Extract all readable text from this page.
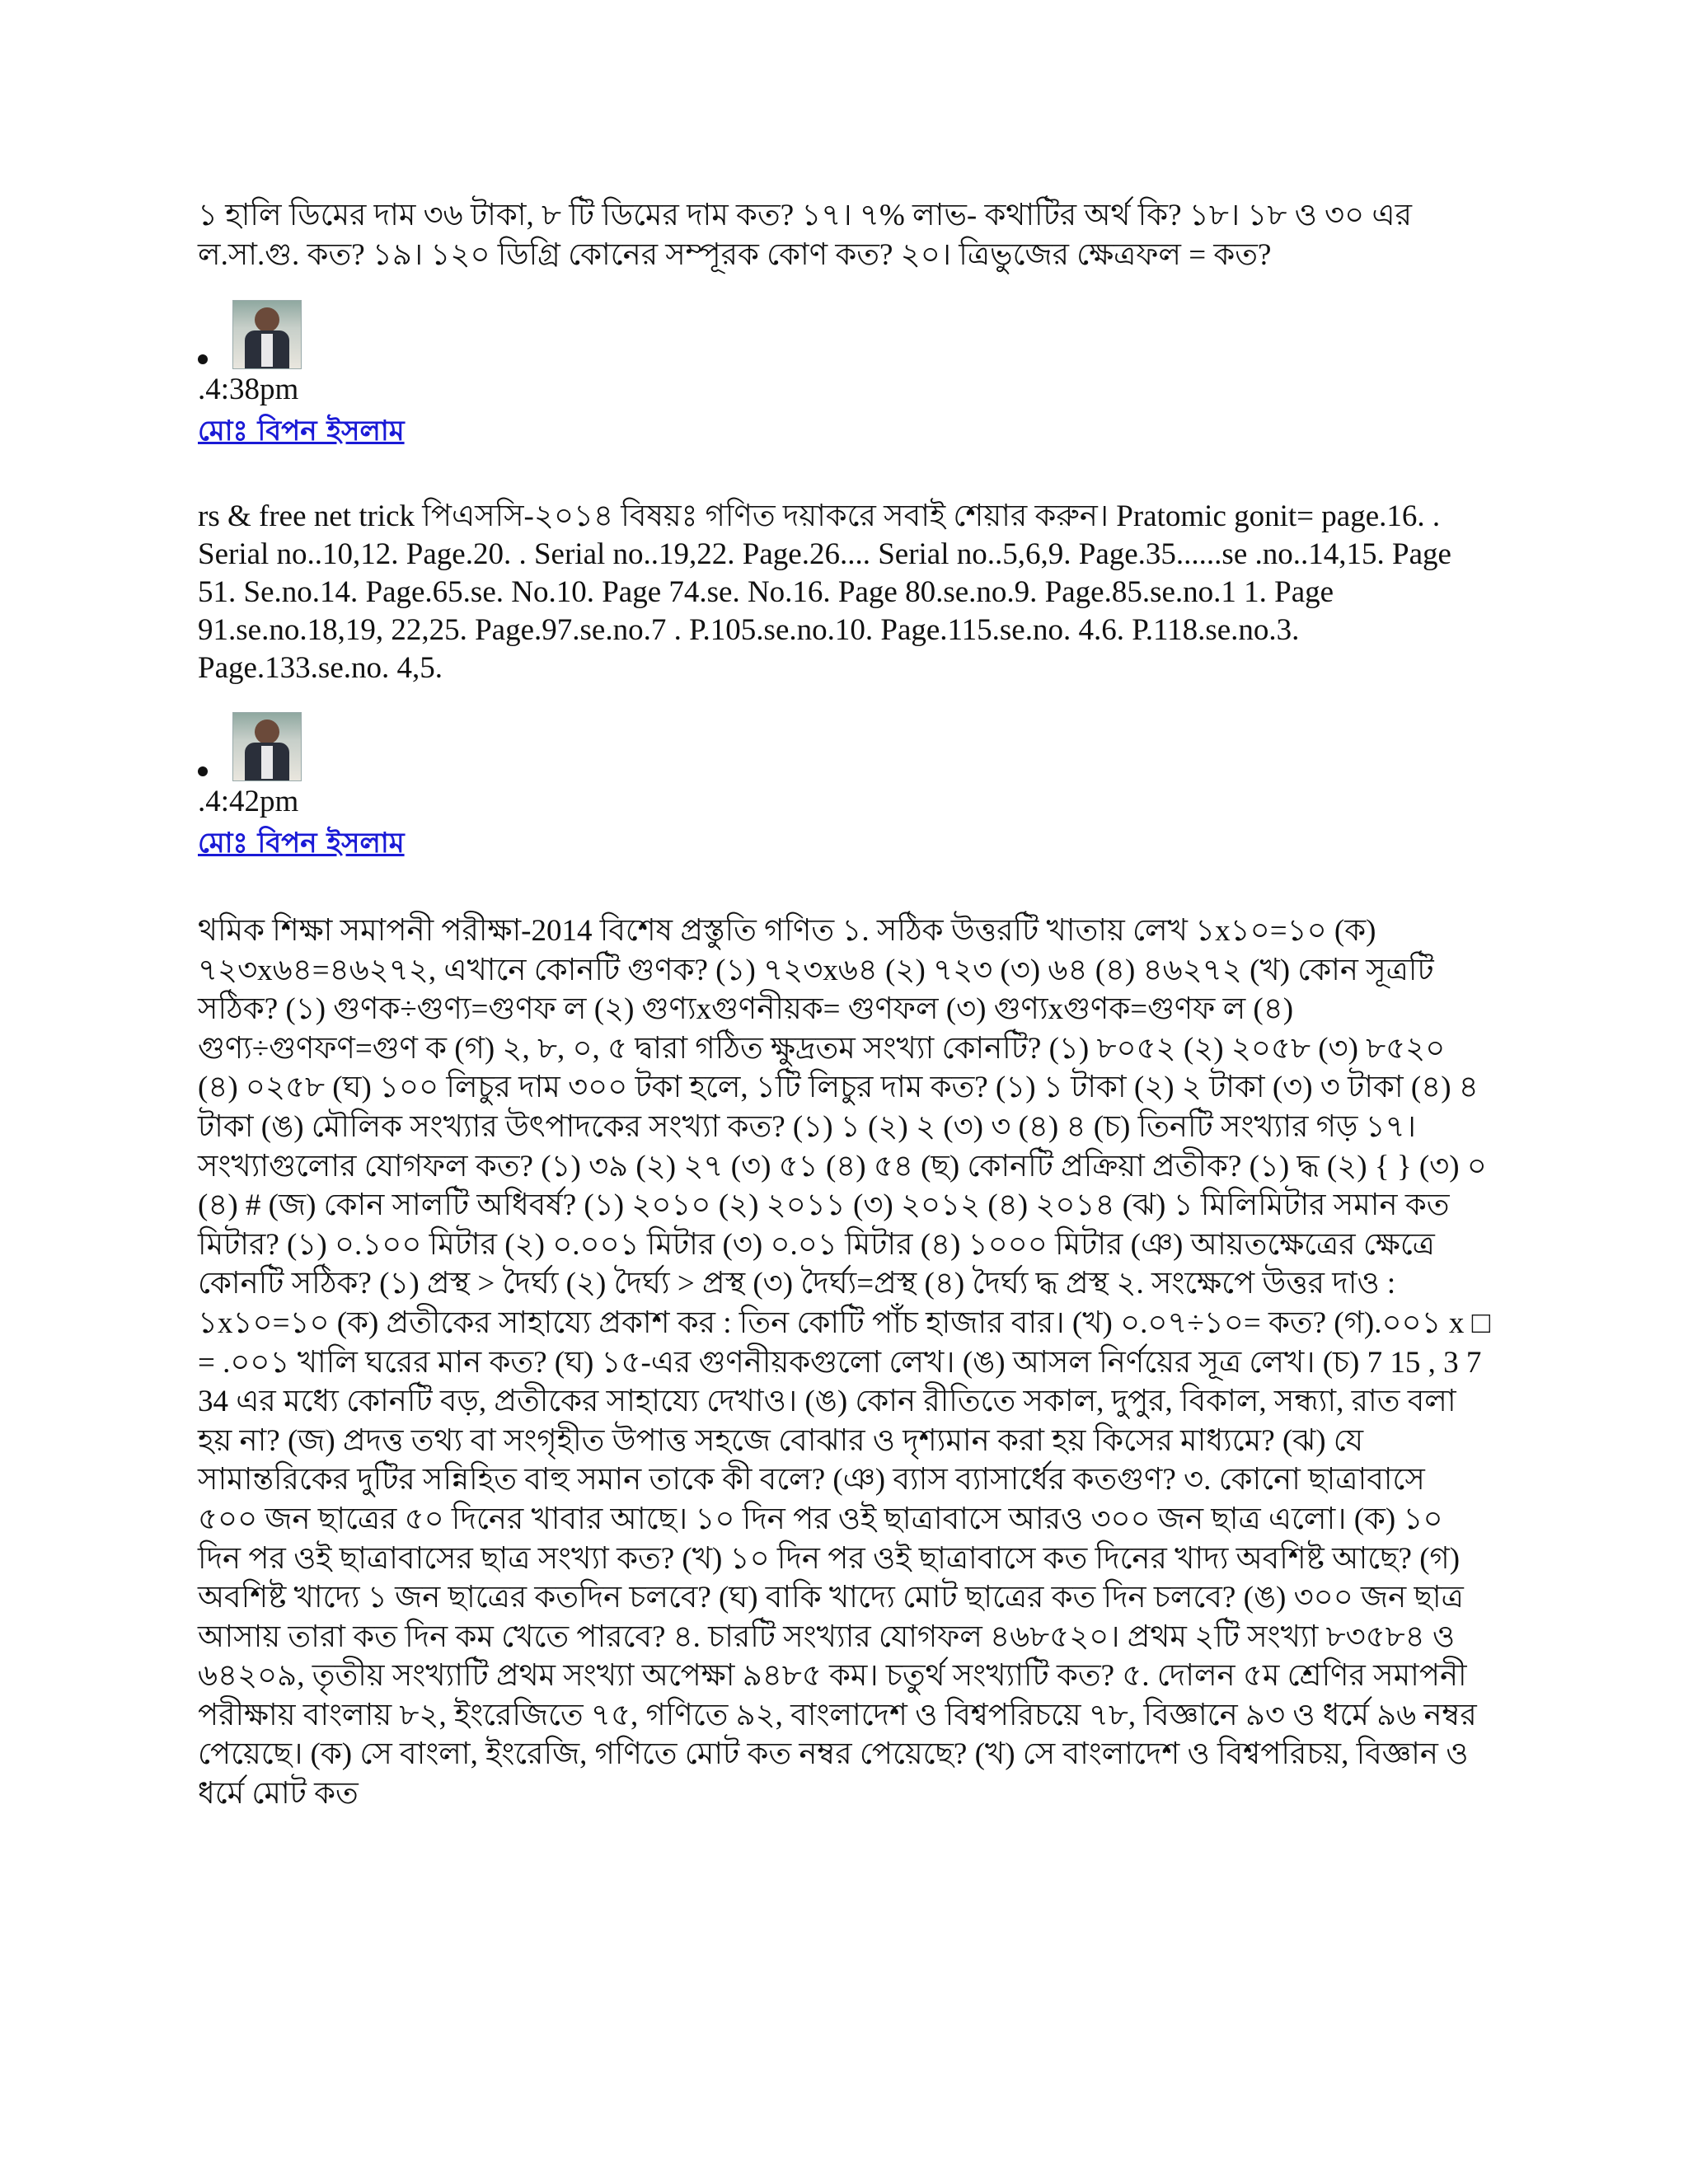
১ হালি ডিমের দাম ৩৬ টাকা, ৮ টি ডিমের দাম কত? ১৭। ৭% লাভ- কথাটির অর্থ কি? ১৮। ১৮ ও ৩০ এর ল.সা.গু. কত? ১৯। ১২০ ডিগ্রি কোনের সম্পূরক কোণ কত? ২০। ত্রিভুজের ক্ষেত্রফল = কত?

.4:38pm
মোঃ বিপন ইসলাম

rs & free net trick পিএসসি-২০১৪ বিষয়ঃ গণিত দয়াকরে সবাই শেয়ার করুন। Pratomic gonit= page.16. . Serial no..10,12. Page.20. . Serial no..19,22. Page.26.... Serial no..5,6,9. Page.35......se .no..14,15. Page 51. Se.no.14. Page.65.se. No.10. Page 74.se. No.16. Page 80.se.no.9. Page.85.se.no.1 1. Page 91.se.no.18,19, 22,25. Page.97.se.no.7 . P.105.se.no.10. Page.115.se.no. 4.6. P.118.se.no.3. Page.133.se.no. 4,5.

.4:42pm
মোঃ বিপন ইসলাম

থমিক শিক্ষা সমাপনী পরীক্ষা-2014 বিশেষ প্রস্তুতি গণিত ১. সঠিক উত্তরটি খাতায় লেখ ১x১০=১০ (ক) ৭২৩x৬৪=৪৬২৭২, এখানে কোনটি গুণক? (১) ৭২৩x৬৪ (২) ৭২৩ (৩) ৬৪ (৪) ৪৬২৭২ (খ) কোন সূত্রটি সঠিক? (১) গুণক÷গুণ্য=গুণফ ল (২) গুণ্যxগুণনীয়ক= গুণফল (৩) গুণ্যxগুণক=গুণফ ল (৪) গুণ্য÷গুণফণ=গুণ ক (গ) ২, ৮, ০, ৫ দ্বারা গঠিত ক্ষুদ্রতম সংখ্যা কোনটি? (১) ৮০৫২ (২) ২০৫৮ (৩) ৮৫২০ (৪) ০২৫৮ (ঘ) ১০০ লিচুর দাম ৩০০ টকা হলে, ১টি লিচুর দাম কত? (১) ১ টাকা (২) ২ টাকা (৩) ৩ টাকা (৪) ৪ টাকা (ঙ) মৌলিক সংখ্যার উৎপাদকের সংখ্যা কত? (১) ১ (২) ২ (৩) ৩ (৪) ৪ (চ) তিনটি সংখ্যার গড় ১৭। সংখ্যাগুলোর যোগফল কত? (১) ৩৯ (২) ২৭ (৩) ৫১ (৪) ৫৪ (ছ) কোনটি প্রক্রিয়া প্রতীক? (১) দ্ধ (২) { } (৩) ০ (৪) # (জ) কোন সালটি অধিবর্ষ? (১) ২০১০ (২) ২০১১ (৩) ২০১২ (৪) ২০১৪ (ঝ) ১ মিলিমিটার সমান কত মিটার? (১) ০.১০০ মিটার (২) ০.০০১ মিটার (৩) ০.০১ মিটার (৪) ১০০০ মিটার (ঞ) আয়তক্ষেত্রের ক্ষেত্রে কোনটি সঠিক? (১) প্রস্থ > দৈর্ঘ্য (২) দৈর্ঘ্য > প্রস্থ (৩) দৈর্ঘ্য=প্রস্থ (৪) দৈর্ঘ্য দ্ধ প্রস্থ ২. সংক্ষেপে উত্তর দাও : ১x১০=১০ (ক) প্রতীকের সাহায্যে প্রকাশ কর : তিন কোটি পাঁচ হাজার বার। (খ) ০.০৭÷১০= কত? (গ).০০১ x □ = .০০১ খালি ঘরের মান কত? (ঘ) ১৫-এর গুণনীয়কগুলো লেখ। (ঙ) আসল নির্ণয়ের সূত্র লেখ। (চ) 7 15 , 3 7 34 এর মধ্যে কোনটি বড়, প্রতীকের সাহায্যে দেখাও। (ঙ) কোন রীতিতে সকাল, দুপুর, বিকাল, সন্ধ্যা, রাত বলা হয় না? (জ) প্রদত্ত তথ্য বা সংগৃহীত উপাত্ত সহজে বোঝার ও দৃশ্যমান করা হয় কিসের মাধ্যমে? (ঝ) যে সামান্তরিকের দুটির সন্নিহিত বাহু সমান তাকে কী বলে? (ঞ) ব্যাস ব্যাসার্ধের কতগুণ? ৩. কোনো ছাত্রাবাসে ৫০০ জন ছাত্রের ৫০ দিনের খাবার আছে। ১০ দিন পর ওই ছাত্রাবাসে আরও ৩০০ জন ছাত্র এলো। (ক) ১০ দিন পর ওই ছাত্রাবাসের ছাত্র সংখ্যা কত? (খ) ১০ দিন পর ওই ছাত্রাবাসে কত দিনের খাদ্য অবশিষ্ট আছে? (গ) অবশিষ্ট খাদ্যে ১ জন ছাত্রের কতদিন চলবে? (ঘ) বাকি খাদ্যে মোট ছাত্রের কত দিন চলবে? (ঙ) ৩০০ জন ছাত্র আসায় তারা কত দিন কম খেতে পারবে? ৪. চারটি সংখ্যার যোগফল ৪৬৮৫২০। প্রথম ২টি সংখ্যা ৮৩৫৮৪ ও ৬৪২০৯, তৃতীয় সংখ্যাটি প্রথম সংখ্যা অপেক্ষা ৯৪৮৫ কম। চতুর্থ সংখ্যাটি কত? ৫. দোলন ৫ম শ্রেণির সমাপনী পরীক্ষায় বাংলায় ৮২, ইংরেজিতে ৭৫, গণিতে ৯২, বাংলাদেশ ও বিশ্বপরিচয়ে ৭৮, বিজ্ঞানে ৯৩ ও ধর্মে ৯৬ নম্বর পেয়েছে। (ক) সে বাংলা, ইংরেজি, গণিতে মোট কত নম্বর পেয়েছে? (খ) সে বাংলাদেশ ও বিশ্বপরিচয়, বিজ্ঞান ও ধর্মে মোট কত
